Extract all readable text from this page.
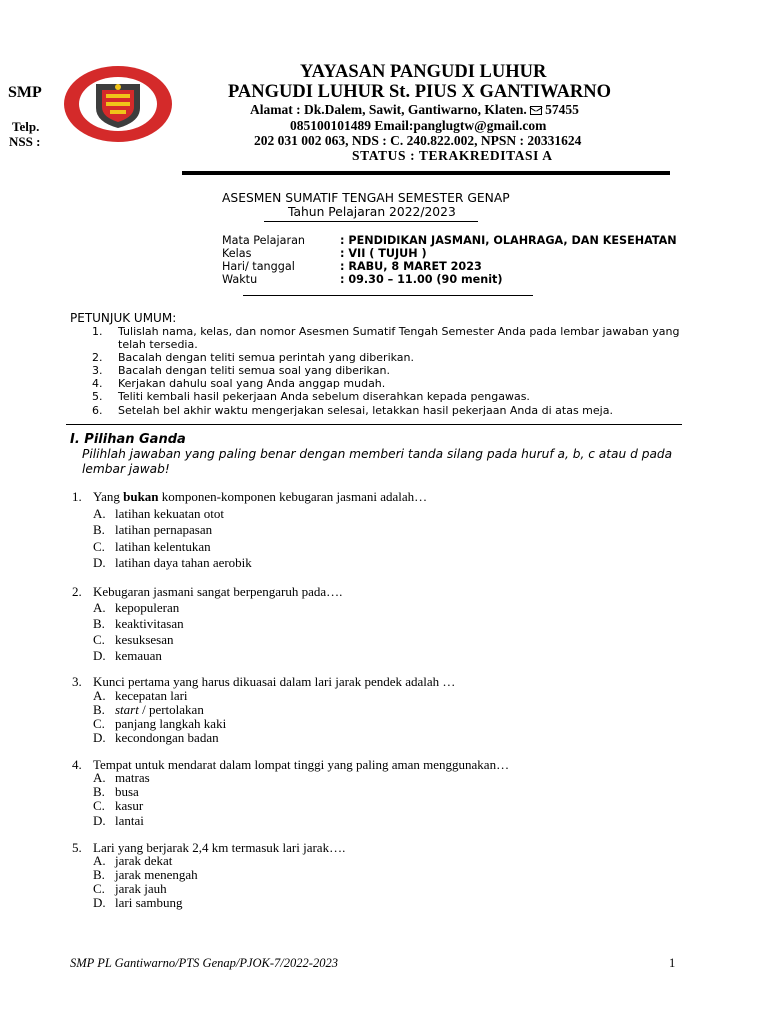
SMP
Telp.
NSS :
YAYASAN PANGUDI LUHUR
PANGUDI LUHUR St. PIUS X GANTIWARNO
Alamat : Dk.Dalem, Sawit, Gantiwarno, Klaten. 57455
085100101489 Email:panglugtw@gmail.com
202 031 002 063, NDS : C. 240.822.002, NPSN : 20331624
STATUS : TERAKREDITASI A
ASESMEN SUMATIF TENGAH SEMESTER GENAP
Tahun Pelajaran 2022/2023
Mata Pelajaran	: PENDIDIKAN JASMANI, OLAHRAGA, DAN KESEHATAN
Kelas	: VII ( TUJUH )
Hari/ tanggal	: RABU, 8 MARET 2023
Waktu	: 09.30 – 11.00 (90 menit)
PETUNJUK UMUM:
1. Tulislah nama, kelas, dan nomor Asesmen Sumatif Tengah Semester Anda pada lembar jawaban yang
telah tersedia.
2. Bacalah dengan teliti semua perintah yang diberikan.
3. Bacalah dengan teliti semua soal yang diberikan.
4. Kerjakan dahulu soal yang Anda anggap mudah.
5. Teliti kembali hasil pekerjaan Anda sebelum diserahkan kepada pengawas.
6. Setelah bel akhir waktu mengerjakan selesai, letakkan hasil pekerjaan Anda di atas meja.
I. Pilihan Ganda
Pilihlah jawaban yang paling benar dengan memberi tanda silang pada huruf a, b, c atau d pada
lembar jawab!
1. Yang bukan komponen-komponen kebugaran jasmani adalah…
A. latihan kekuatan otot
B. latihan pernapasan
C. latihan kelentukan
D. latihan daya tahan aerobik
2. Kebugaran jasmani sangat berpengaruh pada….
A. kepopuleran
B. keaktivitasan
C. kesuksesan
D. kemauan
3. Kunci pertama yang harus dikuasai dalam lari jarak pendek adalah …
A. kecepatan lari
B. start / pertolakan
C. panjang langkah kaki
D. kecondongan badan
4. Tempat untuk mendarat dalam lompat tinggi yang paling aman menggunakan…
A. matras
B. busa
C. kasur
D. lantai
5. Lari yang berjarak 2,4 km termasuk lari jarak….
A. jarak dekat
B. jarak menengah
C. jarak jauh
D. lari sambung
SMP PL Gantiwarno/PTS Genap/PJOK-7/2022-2023	1
